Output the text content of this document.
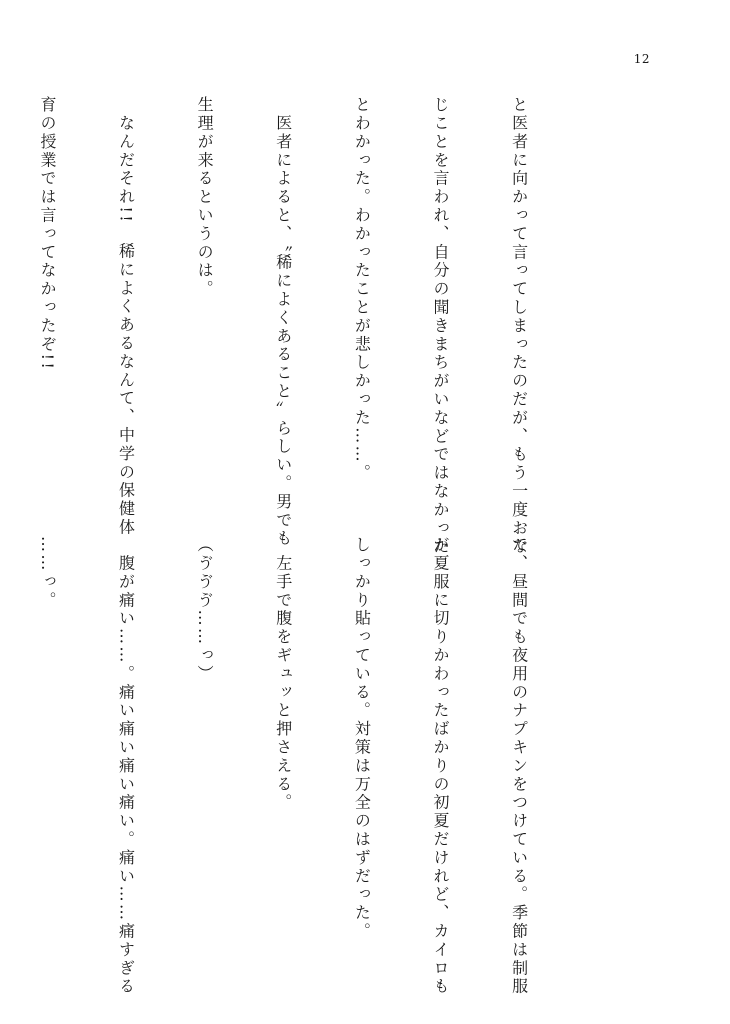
12

と医者に向かって言ってしまったのだが、もう一度おな

じことを言われ、自分の聞きまちがいなどではなかった

とわかった。わかったことが悲しかった……。

　医者によると、〝稀によくあること〟らしい。男でも

生理が来るというのは。

　なんだそれ!!　稀によくあるなんて、中学の保健体

育の授業では言ってなかったぞ!!

で、昼間でも夜用のナプキンをつけている。季節は制服

が夏服に切りかわったばかりの初夏だけれど、カイロも

しっかり貼っている。対策は万全のはずだった。

　左手で腹をギュッと押さえる。

（ゔゔゔ……っ）

　腹が痛い……。痛い痛い痛い痛い。痛い……痛すぎる

……っ。
